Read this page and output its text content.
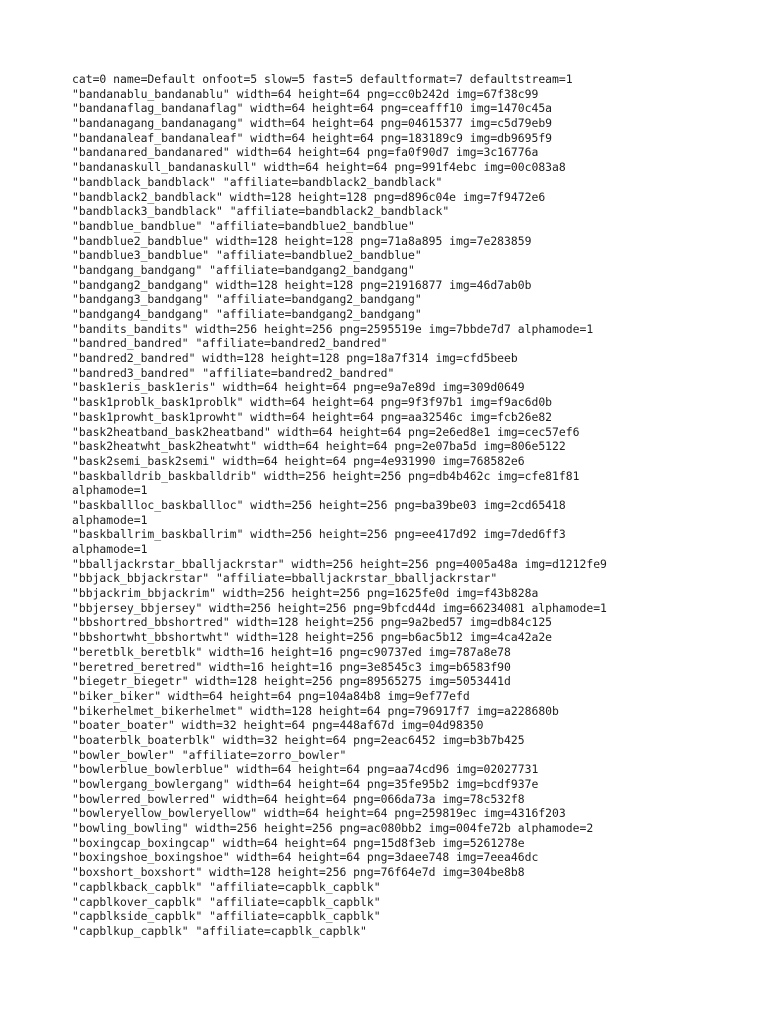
cat=0 name=Default onfoot=5 slow=5 fast=5 defaultformat=7 defaultstream=1
"bandanablu_bandanablu" width=64 height=64 png=cc0b242d img=67f38c99
"bandanaflag_bandanaflag" width=64 height=64 png=ceafff10 img=1470c45a
"bandanagang_bandanagang" width=64 height=64 png=04615377 img=c5d79eb9
"bandanaleaf_bandanaleaf" width=64 height=64 png=183189c9 img=db9695f9
"bandanared_bandanared" width=64 height=64 png=fa0f90d7 img=3c16776a
"bandanaskull_bandanaskull" width=64 height=64 png=991f4ebc img=00c083a8
"bandblack_bandblack" "affiliate=bandblack2_bandblack"
"bandblack2_bandblack" width=128 height=128 png=d896c04e img=7f9472e6
"bandblack3_bandblack" "affiliate=bandblack2_bandblack"
"bandblue_bandblue" "affiliate=bandblue2_bandblue"
"bandblue2_bandblue" width=128 height=128 png=71a8a895 img=7e283859
"bandblue3_bandblue" "affiliate=bandblue2_bandblue"
"bandgang_bandgang" "affiliate=bandgang2_bandgang"
"bandgang2_bandgang" width=128 height=128 png=21916877 img=46d7ab0b
"bandgang3_bandgang" "affiliate=bandgang2_bandgang"
"bandgang4_bandgang" "affiliate=bandgang2_bandgang"
"bandits_bandits" width=256 height=256 png=2595519e img=7bbde7d7 alphamode=1
"bandred_bandred" "affiliate=bandred2_bandred"
"bandred2_bandred" width=128 height=128 png=18a7f314 img=cfd5beeb
"bandred3_bandred" "affiliate=bandred2_bandred"
"bask1eris_bask1eris" width=64 height=64 png=e9a7e89d img=309d0649
"bask1problk_bask1problk" width=64 height=64 png=9f3f97b1 img=f9ac6d0b
"bask1prowht_bask1prowht" width=64 height=64 png=aa32546c img=fcb26e82
"bask2heatband_bask2heatband" width=64 height=64 png=2e6ed8e1 img=cec57ef6
"bask2heatwht_bask2heatwht" width=64 height=64 png=2e07ba5d img=806e5122
"bask2semi_bask2semi" width=64 height=64 png=4e931990 img=768582e6
"baskballdrib_baskballdrib" width=256 height=256 png=db4b462c img=cfe81f81
alphamode=1
"baskballloc_baskballloc" width=256 height=256 png=ba39be03 img=2cd65418
alphamode=1
"baskballrim_baskballrim" width=256 height=256 png=ee417d92 img=7ded6ff3
alphamode=1
"bballjackrstar_bballjackrstar" width=256 height=256 png=4005a48a img=d1212fe9
"bbjack_bbjackrstar" "affiliate=bballjackrstar_bballjackrstar"
"bbjackrim_bbjackrim" width=256 height=256 png=1625fe0d img=f43b828a
"bbjersey_bbjersey" width=256 height=256 png=9bfcd44d img=66234081 alphamode=1
"bbshortred_bbshortred" width=128 height=256 png=9a2bed57 img=db84c125
"bbshortwht_bbshortwht" width=128 height=256 png=b6ac5b12 img=4ca42a2e
"beretblk_beretblk" width=16 height=16 png=c90737ed img=787a8e78
"beretred_beretred" width=16 height=16 png=3e8545c3 img=b6583f90
"biegetr_biegetr" width=128 height=256 png=89565275 img=5053441d
"biker_biker" width=64 height=64 png=104a84b8 img=9ef77efd
"bikerhelmet_bikerhelmet" width=128 height=64 png=796917f7 img=a228680b
"boater_boater" width=32 height=64 png=448af67d img=04d98350
"boaterblk_boaterblk" width=32 height=64 png=2eac6452 img=b3b7b425
"bowler_bowler" "affiliate=zorro_bowler"
"bowlerblue_bowlerblue" width=64 height=64 png=aa74cd96 img=02027731
"bowlergang_bowlergang" width=64 height=64 png=35fe95b2 img=bcdf937e
"bowlerred_bowlerred" width=64 height=64 png=066da73a img=78c532f8
"bowleryellow_bowleryellow" width=64 height=64 png=259819ec img=4316f203
"bowling_bowling" width=256 height=256 png=ac080bb2 img=004fe72b alphamode=2
"boxingcap_boxingcap" width=64 height=64 png=15d8f3eb img=5261278e
"boxingshoe_boxingshoe" width=64 height=64 png=3daee748 img=7eea46dc
"boxshort_boxshort" width=128 height=256 png=76f64e7d img=304be8b8
"capblkback_capblk" "affiliate=capblk_capblk"
"capblkover_capblk" "affiliate=capblk_capblk"
"capblkside_capblk" "affiliate=capblk_capblk"
"capblkup_capblk" "affiliate=capblk_capblk"
